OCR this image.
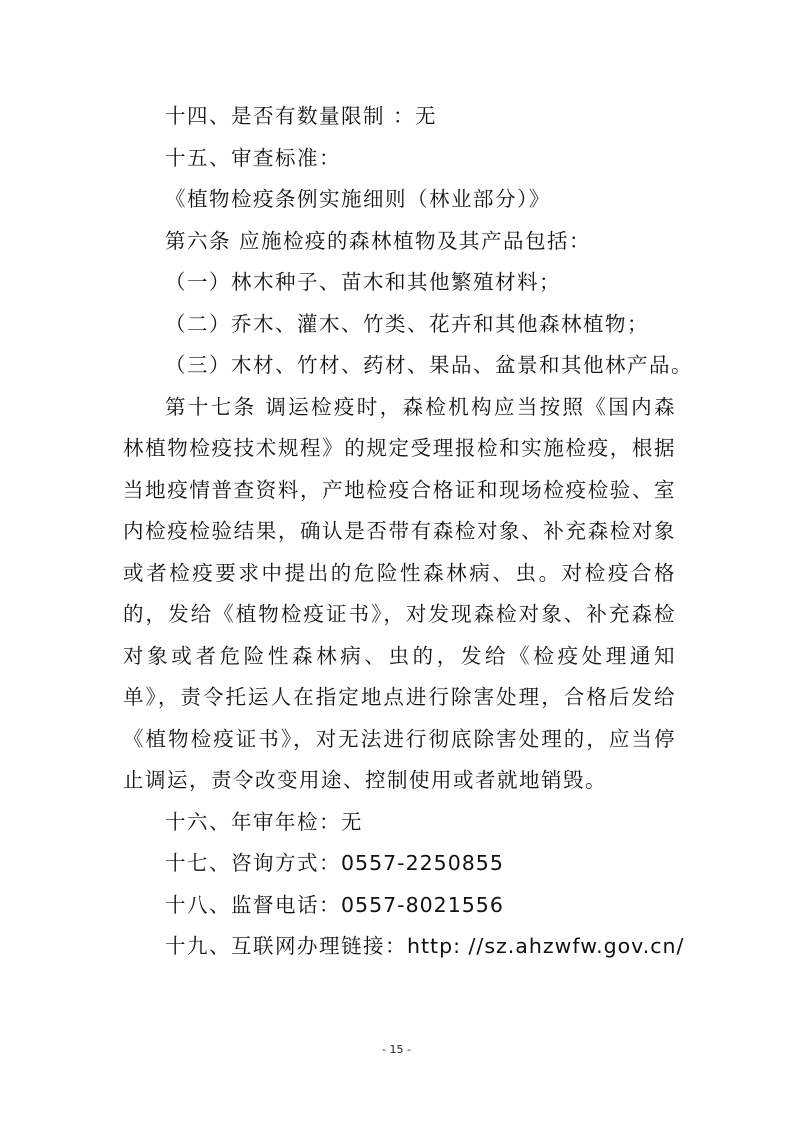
十四、是否有数量限制 ：无
十五、审查标准：
《植物检疫条例实施细则（林业部分）》
第六条 应施检疫的森林植物及其产品包括：
（一）林木种子、苗木和其他繁殖材料；
（二）乔木、灌木、竹类、花卉和其他森林植物；
（三）木材、竹材、药材、果品、盆景和其他林产品。

第十七条 调运检疫时，森检机构应当按照《国内森林植物检疫技术规程》的规定受理报检和实施检疫，根据当地疫情普查资料，产地检疫合格证和现场检疫检验、室内检疫检验结果，确认是否带有森检对象、补充森检对象或者检疫要求中提出的危险性森林病、虫。对检疫合格的，发给《植物检疫证书》，对发现森检对象、补充森检对象或者危险性森林病、虫的，发给《检疫处理通知单》，责令托运人在指定地点进行除害处理，合格后发给《植物检疫证书》，对无法进行彻底除害处理的，应当停止调运，责令改变用途、控制使用或者就地销毁。

十六、年审年检：无
十七、咨询方式：0557-2250855
十八、监督电话：0557-8021556
十九、互联网办理链接：http: //sz.ahzwfw.gov.cn/
- 15 -
